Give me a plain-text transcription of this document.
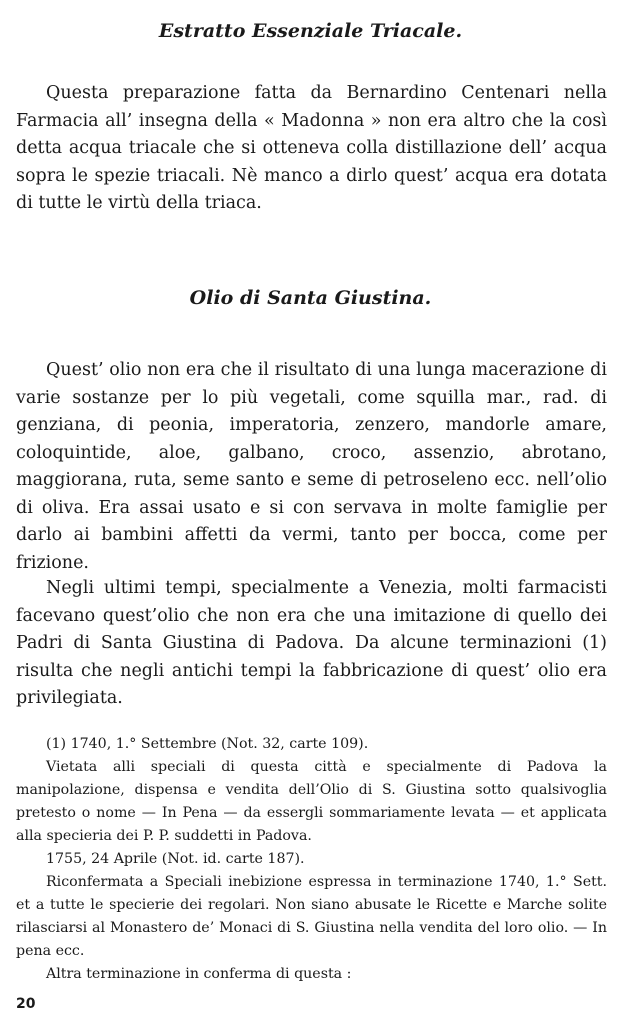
Estratto Essenziale Triacale.

Questa preparazione fatta da Bernardino Centenari nella Farmacia all’ insegna della « Madonna » non era altro che la così detta acqua triacale che si otteneva colla distillazione dell’ acqua sopra le spezie triacali. Nè manco a dirlo quest’ acqua era dotata di tutte le virtù della triaca.

Olio di Santa Giustina.

Quest’ olio non era che il risultato di una lunga macerazione di varie sostanze per lo più vegetali, come squilla mar., rad. di genziana, di peonia, imperatoria, zenzero, mandorle amare, coloquintide, aloe, galbano, croco, assenzio, abrotano, maggiorana, ruta, seme santo e seme di petroseleno ecc. nell’olio di oliva. Era assai usato e si con servava in molte famiglie per darlo ai bambini affetti da vermi, tanto per bocca, come per frizione.

Negli ultimi tempi, specialmente a Venezia, molti farmacisti facevano quest’olio che non era che una imitazione di quello dei Padri di Santa Giustina di Padova. Da alcune terminazioni (1) risulta che negli antichi tempi la fabbricazione di quest’ olio era privilegiata.

(1) 1740, 1.° Settembre (Not. 32, carte 109).

Vietata alli speciali di questa città e specialmente di Padova la manipolazione, dispensa e vendita dell’Olio di S. Giustina sotto qualsivoglia pretesto o nome — In Pena — da essergli sommariamente levata — et applicata alla specieria dei P. P. suddetti in Padova.

1755, 24 Aprile (Not. id. carte 187).

Riconfermata a Speciali inebizione espressa in terminazione 1740, 1.° Sett. et a tutte le specierie dei regolari. Non siano abusate le Ricette e Marche solite rilasciarsi al Monastero de’ Monaci di S. Giustina nella vendita del loro olio. — In pena ecc.

Altra terminazione in conferma di questa :

20
